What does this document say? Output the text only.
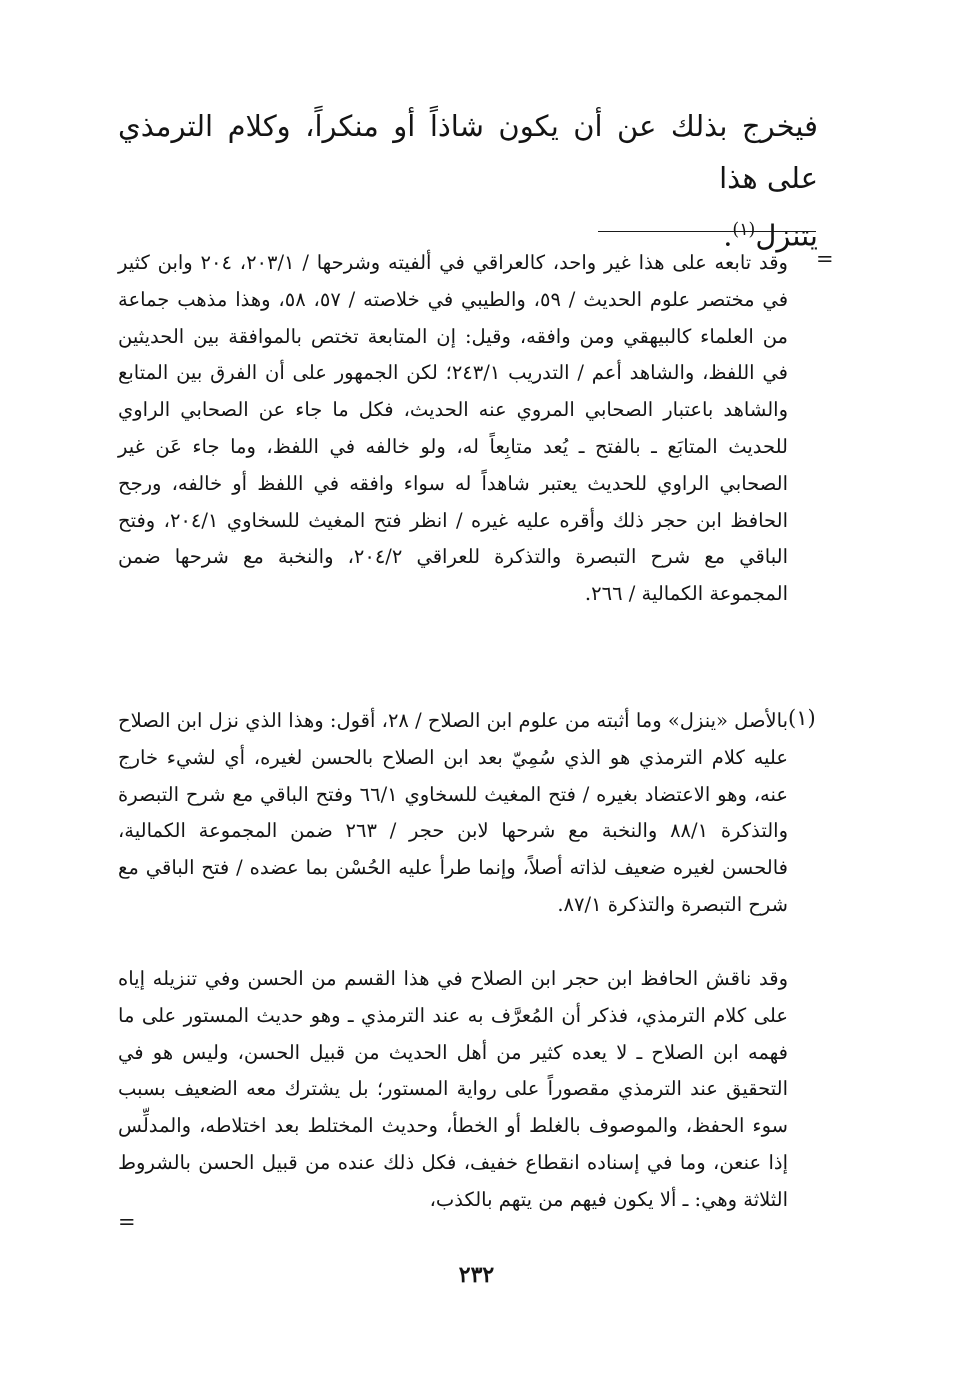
فيخرج بذلك عن أن يكون شاذاً أو منكراً، وكلام الترمذي على هذا
يتنزل$^{(١)}$.
=
وقد تابعه على هذا غير واحد، كالعراقي في ألفيته وشرحها / ٢٠٣/١، ٢٠٤ وابن كثير في مختصر علوم الحديث / ٥٩، والطيبي في خلاصته / ٥٧، ٥٨، وهذا مذهب جماعة من العلماء كالبيهقي ومن وافقه، وقيل: إن المتابعة تختص بالموافقة بين الحديثين في اللفظ، والشاهد أعم / التدريب ٢٤٣/١؛ لكن الجمهور على أن الفرق بين المتابع والشاهد باعتبار الصحابي المروي عنه الحديث، فكل ما جاء عن الصحابي الراوي للحديث المتابَع ـ بالفتح ـ يُعد متابِعاً له، ولو خالفه في اللفظ، وما جاء عَن غير الصحابي الراوي للحديث يعتبر شاهداً له سواء وافقه في اللفظ أو خالفه، ورجح الحافظ ابن حجر ذلك وأقره عليه غيره / انظر فتح المغيث للسخاوي ٢٠٤/١، وفتح الباقي مع شرح التبصرة والتذكرة للعراقي ٢٠٤/٢، والنخبة مع شرحها ضمن المجموعة الكمالية / ٢٦٦.
(١)
بالأصل «ينزل» وما أثبته من علوم ابن الصلاح / ٢٨، أقول: وهذا الذي نزل ابن الصلاح عليه كلام الترمذي هو الذي سُمِيّ بعد ابن الصلاح بالحسن لغيره، أي لشيء خارج عنه، وهو الاعتضاد بغيره / فتح المغيث للسخاوي ٦٦/١ وفتح الباقي مع شرح التبصرة والتذكرة ٨٨/١ والنخبة مع شرحها لابن حجر / ٢٦٣ ضمن المجموعة الكمالية، فالحسن لغيره ضعيف لذاته أصلاً، وإنما طرأ عليه الحُسْن بما عضده / فتح الباقي مع شرح التبصرة والتذكرة ٨٧/١.
وقد ناقش الحافظ ابن حجر ابن الصلاح في هذا القسم من الحسن وفي تنزيله إياه على كلام الترمذي، فذكر أن المُعرَّف به عند الترمذي ـ وهو حديث المستور على ما فهمه ابن الصلاح ـ لا يعده كثير من أهل الحديث من قبيل الحسن، وليس هو في التحقيق عند الترمذي مقصوراً على رواية المستور؛ بل يشترك معه الضعيف بسبب سوء الحفظ، والموصوف بالغلط أو الخطأ، وحديث المختلط بعد اختلاطه، والمدلِّس إذا عنعن، وما في إسناده انقطاع خفيف، فكل ذلك عنده من قبيل الحسن بالشروط الثلاثة وهي: ـ ألا يكون فيهم من يتهم بالكذب،
=
٢٣٢
